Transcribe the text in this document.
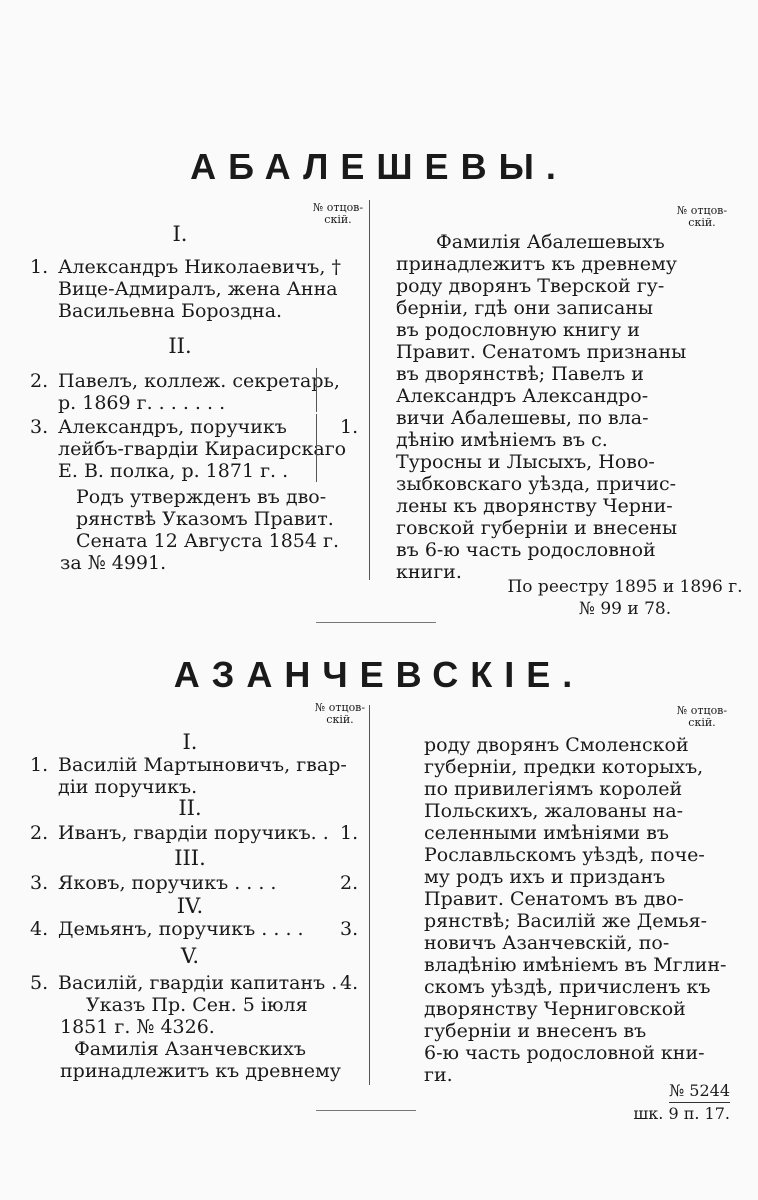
АБАЛЕШЕВЫ.
№ отцов-
скій.
№ отцов-
скій.
I.
1. Александръ Николаевичъ, †
Вице-Адмиралъ, жена Анна
Васильевна Бороздна.
II.
2. Павелъ, коллеж. секретарь,
р. 1869 г. . . . . . .
3. Александръ, поручикъ
лейбъ-гвардіи Кирасирскаго
Е. В. полка, р. 1871 г. .
1.
Родъ утвержденъ въ дво-
рянствѣ Указомъ Правит.
Сената 12 Августа 1854 г.
за № 4991.
Фамилія Абалешевыхъ
принадлежитъ къ древнему
роду дворянъ Тверской гу-
берніи, гдѣ они записаны
въ родословную книгу и
Правит. Сенатомъ признаны
въ дворянствѣ; Павелъ и
Александръ Александро-
вичи Абалешевы, по вла-
дѣнію имѣніемъ въ с.
Туросны и Лысыхъ, Ново-
зыбковскаго уѣзда, причис-
лены къ дворянству Черни-
говской губерніи и внесены
въ 6-ю часть родословной
книги.
По реестру 1895 и 1896 г.
№ 99 и 78.
АЗАНЧЕВСКІЕ.
№ отцов-
скій.
№ отцов-
скій.
I.
1. Василій Мартыновичъ, гвар-
діи поручикъ.
II.
2. Иванъ, гвардіи поручикъ. . 1.
III.
3. Яковъ, поручикъ . . . .	2.
IV.
4. Демьянъ, поручикъ . . . . 3.
V.
5. Василій, гвардіи капитанъ . 4.
Указъ Пр. Сен. 5 іюля
1851 г. № 4326.
Фамилія Азанчевскихъ
принадлежитъ къ древнему
роду дворянъ Смоленской
губерніи, предки которыхъ,
по привилегіямъ королей
Польскихъ, жалованы на-
селенными имѣніями въ
Рославльскомъ уѣздѣ, поче-
му родъ ихъ и призданъ
Правит. Сенатомъ въ дво-
рянствѣ; Василій же Демья-
новичъ Азанчевскій, по-
владѣнію имѣніемъ въ Мглин-
скомъ уѣздѣ, причисленъ къ
дворянству Черниговской
губерніи и внесенъ въ
6-ю часть родословной кни-
ги.
№ 5244
шк. 9 п. 17.
